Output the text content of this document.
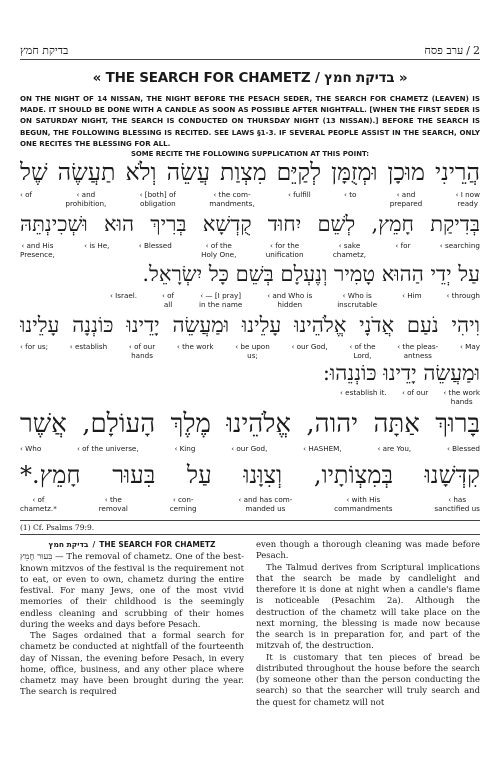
בדיקת חמץ	2
/
ערב פסח
« THE SEARCH FOR CHAMETZ / בדיקת חמץ »
ON THE NIGHT OF 14 NISSAN, THE NIGHT BEFORE THE PESACH SEDER, THE SEARCH FOR CHAMETZ (LEAVEN) IS MADE. IT SHOULD BE DONE WITH A CANDLE AS SOON AS POSSIBLE AFTER NIGHTFALL. [WHEN THE FIRST SEDER IS ON SATURDAY NIGHT, THE SEARCH IS CONDUCTED ON THURSDAY NIGHT (13 NISSAN).] BEFORE THE SEARCH IS BEGUN, THE FOLLOWING BLESSING IS RECITED. SEE LAWS §1-3. IF SEVERAL PEOPLE ASSIST IN THE SEARCH, ONLY ONE RECITES THE BLESSING FOR ALL.
SOME RECITE THE FOLLOWING SUPPLICATION AT THIS POINT:
הֲרֵינִי מוּכָן וּמְזֻמָּן לְקַיֵּם מִצְוַת עֲשֵׂה וְלֹא תַעֲשֶׂה שֶׁל
‹ I now
ready
‹ and
prepared
‹ to
‹ fulfill
‹ the com-
mandments,
‹ [both] of
obligation
‹ and
prohibition,
‹ of
בְּדִיקַת חָמֵץ, לְשֵׁם יִחוּד קֻדְשָׁא בְּרִיךְ הוּא וּשְׁכִינְתֵּהּ
‹ searching
‹ for
‹ sake
chametz,
‹ for the
unification
‹ of the
Holy One,
‹ Blessed
‹ is He,
‹ and His
Presence,
עַל יְדֵי הַהוּא טָמִיר וְנֶעְלָם בְּשֵׁם כָּל יִשְׂרָאֵל.
‹ through
‹ Him
‹ Who is
inscrutable
‹ and Who is
hidden
‹ — [I pray]
in the name
‹ of
all
‹ Israel.
וִיהִי נֹעַם אֲדֹנָי אֱלֹהֵינוּ עָלֵינוּ וּמַעֲשֵׂה יָדֵינוּ כּוֹנְנָה עָלֵינוּ
‹ May
‹ the pleas-
antness
‹ of the
Lord,
‹ our God,
‹ be upon
us;
‹ the work
‹ of our
hands
‹ establish
‹ for us;
וּמַעֲשֵׂה יָדֵינוּ כּוֹנְנֵהוּ:
‹ the work
hands
‹ of our
‹ establish it.
בָּרוּךְ אַתָּה יהוה, אֱלֹהֵינוּ מֶלֶךְ הָעוֹלָם, אֲשֶׁר
‹ Blessed
‹ are You,
‹ HASHEM,
‹ our God,
‹ King
‹ of the universe,
‹ Who
קִדְּשָׁנוּ בְּמִצְוֹתָיו, וְצִוָּנוּ עַל בִּעוּר חָמֵץ.*
‹ has
sanctified us
‹ with His
commandments
‹ and has com-
manded us
‹ con-
cerning
‹ the
removal
‹ of
chametz.*
(1) Cf. Psalms 79:9.
בדיקת חמץ / THE SEARCH FOR CHAMETZ

בִּעוּר חָמֵץ — The removal of chametz. One of the best-known mitzvos of the festival is the requirement not to eat, or even to own, chametz during the entire festival. For many Jews, one of the most vivid memories of their childhood is the seemingly endless cleaning and scrubbing of their homes during the weeks and days before Pesach.

The Sages ordained that a formal search for chametz be conducted at nightfall of the fourteenth day of Nissan, the evening before Pesach, in every home, office, business, and any other place where chametz may have been brought during the year. The search is required

even though a thorough cleaning was made before Pesach.

The Talmud derives from Scriptural implications that the search be made by candlelight and therefore it is done at night when a candle's flame is noticeable (Pesachim 2a). Although the destruction of the chametz will take place on the next morning, the blessing is made now because the search is in preparation for, and part of the mitzvah of, the destruction.

It is customary that ten pieces of bread be distributed throughout the house before the search (by someone other than the person conducting the search) so that the searcher will truly search and the quest for chametz will not
